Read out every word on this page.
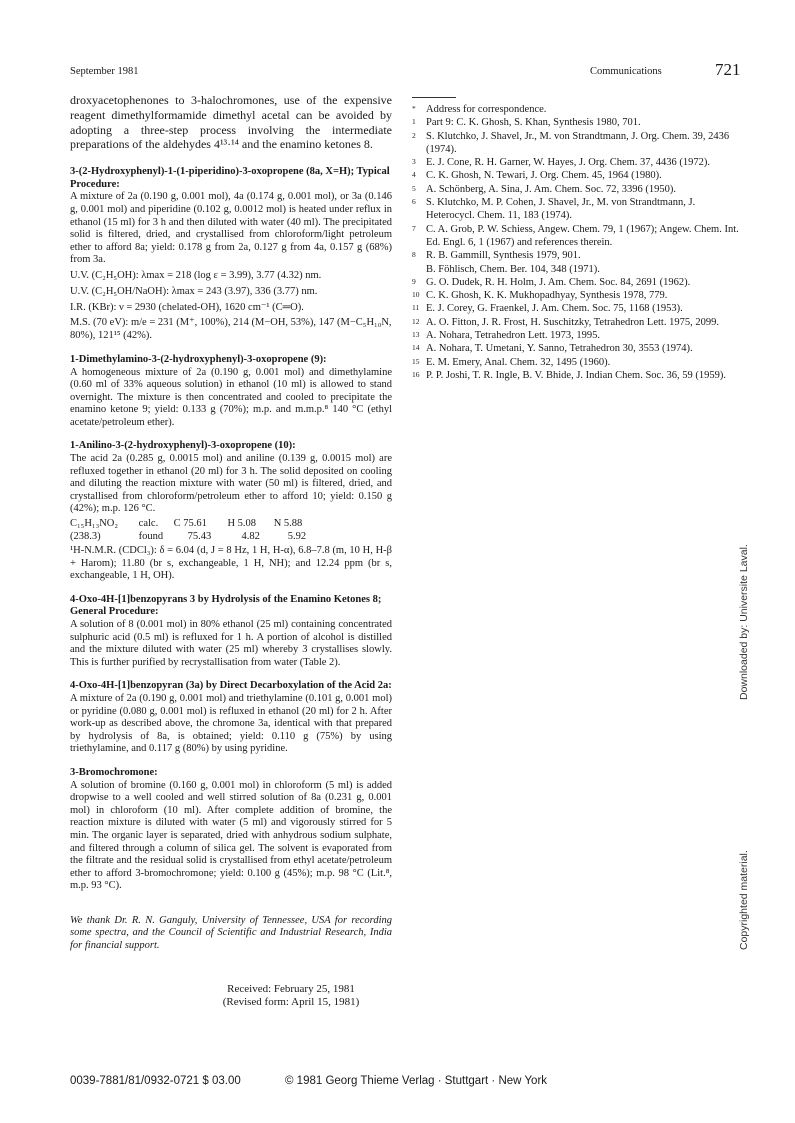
September 1981	Communications	721

droxyacetophenones to 3-halochromones, use of the expensive reagent dimethylformamide dimethyl acetal can be avoided by adopting a three-step process involving the intermediate preparations of the aldehydes 4¹³·¹⁴ and the enamino ketones 8.

3-(2-Hydroxyphenyl)-1-(1-piperidino)-3-oxopropene (8a, X=H); Typical Procedure:

A mixture of 2a (0.190 g, 0.001 mol), 4a (0.174 g, 0.001 mol), or 3a (0.146 g, 0.001 mol) and piperidine (0.102 g, 0.0012 mol) is heated under reflux in ethanol (15 ml) for 3 h and then diluted with water (40 ml). The precipitated solid is filtered, dried, and crystallised from chloroform/light petroleum ether to afford 8a; yield: 0.178 g from 2a, 0.127 g from 4a, 0.157 g (68%) from 3a.

U.V. (C₂H₅OH): λmax = 218 (log ε = 3.99), 3.77 (4.32) nm.

U.V. (C₂H₅OH/NaOH): λmax = 243 (3.97), 336 (3.77) nm.

I.R. (KBr): ν = 2930 (chelated-OH), 1620 cm⁻¹ (C═O).

M.S. (70 eV): m/e = 231 (M⁺, 100%), 214 (M−OH, 53%), 147 (M−C₅H₁₀N, 80%), 121¹⁵ (42%).

1-Dimethylamino-3-(2-hydroxyphenyl)-3-oxopropene (9):

A homogeneous mixture of 2a (0.190 g, 0.001 mol) and dimethylamine (0.60 ml of 33% aqueous solution) in ethanol (10 ml) is allowed to stand overnight. The mixture is then concentrated and cooled to precipitate the enamino ketone 9; yield: 0.133 g (70%); m.p. and m.m.p.⁸ 140 °C (ethyl acetate/petroleum ether).

1-Anilino-3-(2-hydroxyphenyl)-3-oxopropene (10):

The acid 2a (0.285 g, 0.0015 mol) and aniline (0.139 g, 0.0015 mol) are refluxed together in ethanol (20 ml) for 3 h. The solid deposited on cooling and diluting the reaction mixture with water (50 ml) is filtered, dried, and crystallised from chloroform/petroleum ether to afford 10; yield: 0.150 g (42%); m.p. 126 °C.

C₁₅H₁₃NO₂	calc.	C 75.61	H 5.08	N 5.88
(238.3)	found	75.43	4.82	5.92

¹H-N.M.R. (CDCl₃): δ = 6.04 (d, J = 8 Hz, 1 H, H-α), 6.8–7.8 (m, 10 H, H-β + Harom); 11.80 (br s, exchangeable, 1 H, NH); and 12.24 ppm (br s, exchangeable, 1 H, OH).

4-Oxo-4H-[1]benzopyrans 3 by Hydrolysis of the Enamino Ketones 8; General Procedure:

A solution of 8 (0.001 mol) in 80% ethanol (25 ml) containing concentrated sulphuric acid (0.5 ml) is refluxed for 1 h. A portion of alcohol is distilled and the mixture diluted with water (25 ml) whereby 3 crystallises slowly. This is further purified by recrystallisation from water (Table 2).

4-Oxo-4H-[1]benzopyran (3a) by Direct Decarboxylation of the Acid 2a:

A mixture of 2a (0.190 g, 0.001 mol) and triethylamine (0.101 g, 0.001 mol) or pyridine (0.080 g, 0.001 mol) is refluxed in ethanol (20 ml) for 2 h. After work-up as described above, the chromone 3a, identical with that prepared by hydrolysis of 8a, is obtained; yield: 0.110 g (75%) by using triethylamine, and 0.117 g (80%) by using pyridine.

3-Bromochromone:

A solution of bromine (0.160 g, 0.001 mol) in chloroform (5 ml) is added dropwise to a well cooled and well stirred solution of 8a (0.231 g, 0.001 mol) in chloroform (10 ml). After complete addition of bromine, the reaction mixture is diluted with water (5 ml) and vigorously stirred for 5 min. The organic layer is separated, dried with anhydrous sodium sulphate, and filtered through a column of silica gel. The solvent is evaporated from the filtrate and the residual solid is crystallised from ethyl acetate/petroleum ether to afford 3-bromochromone; yield: 0.100 g (45%); m.p. 98 °C (Lit.⁸, m.p. 93 °C).

We thank Dr. R. N. Ganguly, University of Tennessee, USA for recording some spectra, and the Council of Scientific and Industrial Research, India for financial support.

Received: February 25, 1981
(Revised form: April 15, 1981)

* Address for correspondence.

1 Part 9: C. K. Ghosh, S. Khan, Synthesis 1980, 701.

2 S. Klutchko, J. Shavel, Jr., M. von Strandtmann, J. Org. Chem. 39, 2436 (1974).

3 E. J. Cone, R. H. Garner, W. Hayes, J. Org. Chem. 37, 4436 (1972).

4 C. K. Ghosh, N. Tewari, J. Org. Chem. 45, 1964 (1980).

5 A. Schönberg, A. Sina, J. Am. Chem. Soc. 72, 3396 (1950).

6 S. Klutchko, M. P. Cohen, J. Shavel, Jr., M. von Strandtmann, J. Heterocycl. Chem. 11, 183 (1974).

7 C. A. Grob, P. W. Schiess, Angew. Chem. 79, 1 (1967); Angew. Chem. Int. Ed. Engl. 6, 1 (1967) and references therein.

8 R. B. Gammill, Synthesis 1979, 901.

B. Föhlisch, Chem. Ber. 104, 348 (1971).

9 G. O. Dudek, R. H. Holm, J. Am. Chem. Soc. 84, 2691 (1962).

10 C. K. Ghosh, K. K. Mukhopadhyay, Synthesis 1978, 779.

11 E. J. Corey, G. Fraenkel, J. Am. Chem. Soc. 75, 1168 (1953).

12 A. O. Fitton, J. R. Frost, H. Suschitzky, Tetrahedron Lett. 1975, 2099.

13 A. Nohara, Tetrahedron Lett. 1973, 1995.

14 A. Nohara, T. Umetani, Y. Sanno, Tetrahedron 30, 3553 (1974).

15 E. M. Emery, Anal. Chem. 32, 1495 (1960).

16 P. P. Joshi, T. R. Ingle, B. V. Bhide, J. Indian Chem. Soc. 36, 59 (1959).

0039-7881/81/0932-0721 $ 03.00	© 1981 Georg Thieme Verlag · Stuttgart · New York
Downloaded by: Universite Laval.
Copyrighted material.
